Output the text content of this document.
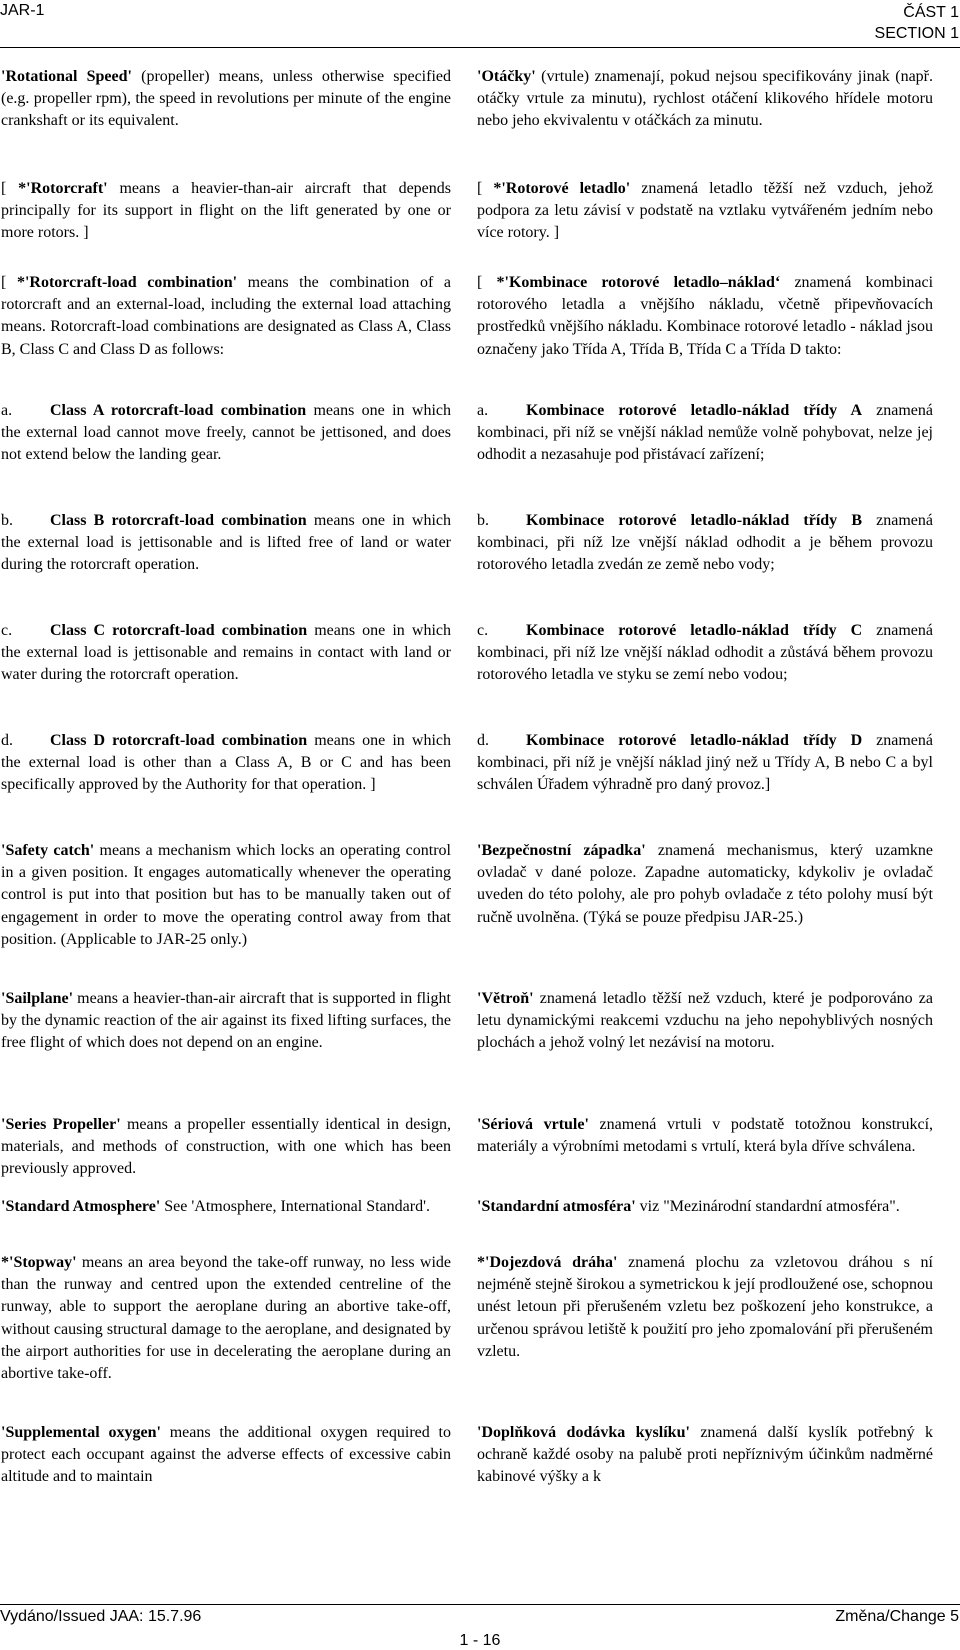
JAR-1	ČÁST 1
SECTION 1

'Rotational Speed' (propeller) means, unless otherwise specified (e.g. propeller rpm), the speed in revolutions per minute of the engine crankshaft or its equivalent.

[ *'Rotorcraft' means a heavier-than-air aircraft that depends principally for its support in flight on the lift generated by one or more rotors. ]

[ *'Rotorcraft-load combination' means the combination of a rotorcraft and an external-load, including the external load attaching means. Rotorcraft-load combinations are designated as Class A, Class B, Class C and Class D as follows:

a. Class A rotorcraft-load combination means one in which the external load cannot move freely, cannot be jettisoned, and does not extend below the landing gear.

b. Class B rotorcraft-load combination means one in which the external load is jettisonable and is lifted free of land or water during the rotorcraft operation.

c. Class C rotorcraft-load combination means one in which the external load is jettisonable and remains in contact with land or water during the rotorcraft operation.

d. Class D rotorcraft-load combination means one in which the external load is other than a Class A, B or C and has been specifically approved by the Authority for that operation. ]

'Safety catch' means a mechanism which locks an operating control in a given position. It engages automatically whenever the operating control is put into that position but has to be manually taken out of engagement in order to move the operating control away from that position. (Applicable to JAR-25 only.)

'Sailplane' means a heavier-than-air aircraft that is supported in flight by the dynamic reaction of the air against its fixed lifting surfaces, the free flight of which does not depend on an engine.

'Series Propeller' means a propeller essentially identical in design, materials, and methods of construction, with one which has been previously approved.

'Standard Atmosphere' See 'Atmosphere, International Standard'.

*'Stopway' means an area beyond the take-off runway, no less wide than the runway and centred upon the extended centreline of the runway, able to support the aeroplane during an abortive take-off, without causing structural damage to the aeroplane, and designated by the airport authorities for use in decelerating the aeroplane during an abortive take-off.

'Supplemental oxygen' means the additional oxygen required to protect each occupant against the adverse effects of excessive cabin altitude and to maintain

'Otáčky' (vrtule) znamenají, pokud nejsou specifikovány jinak (např. otáčky vrtule za minutu), rychlost otáčení klikového hřídele motoru nebo jeho ekvivalentu v otáčkách za minutu.

[ *'Rotorové letadlo' znamená letadlo těžší než vzduch, jehož podpora za letu závisí v podstatě na vztlaku vytvářeném jedním nebo více rotory. ]

[ *'Kombinace rotorové letadlo–náklad‘ znamená kombinaci rotorového letadla a vnějšího nákladu, včetně připevňovacích prostředků vnějšího nákladu. Kombinace rotorové letadlo - náklad jsou označeny jako Třída A, Třída B, Třída C a Třída D takto:

a. Kombinace rotorové letadlo-náklad třídy A znamená kombinaci, při níž se vnější náklad nemůže volně pohybovat, nelze jej odhodit a nezasahuje pod přistávací zařízení;

b. Kombinace rotorové letadlo-náklad třídy B znamená kombinaci, při níž lze vnější náklad odhodit a je během provozu rotorového letadla zvedán ze země nebo vody;

c. Kombinace rotorové letadlo-náklad třídy C znamená kombinaci, při níž lze vnější náklad odhodit a zůstává během provozu rotorového letadla ve styku se zemí nebo vodou;

d. Kombinace rotorové letadlo-náklad třídy D znamená kombinaci, při níž je vnější náklad jiný než u Třídy A, B nebo C a byl schválen Úřadem výhradně pro daný provoz.]

'Bezpečnostní západka' znamená mechanismus, který uzamkne ovladač v dané poloze. Zapadne automaticky, kdykoliv je ovladač uveden do této polohy, ale pro pohyb ovladače z této polohy musí být ručně uvolněna. (Týká se pouze předpisu JAR-25.)

'Větroň' znamená letadlo těžší než vzduch, které je podporováno za letu dynamickými reakcemi vzduchu na jeho nepohyblivých nosných plochách a jehož volný let nezávisí na motoru.

'Sériová vrtule' znamená vrtuli v podstatě totožnou konstrukcí, materiály a výrobními metodami s vrtulí, která byla dříve schválena.

'Standardní atmosféra' viz "Mezinárodní standardní atmosféra".

*'Dojezdová dráha' znamená plochu za vzletovou dráhou s ní nejméně stejně širokou a symetrickou k její prodloužené ose, schopnou unést letoun při přerušeném vzletu bez poškození jeho konstrukce, a určenou správou letiště k použití pro jeho zpomalování při přerušeném vzletu.

'Doplňková dodávka kyslíku' znamená další kyslík potřebný k ochraně každé osoby na palubě proti nepříznivým účinkům nadměrné kabinové výšky a k

Vydáno/Issued JAA: 15.7.96	Změna/Change 5
1 - 16
